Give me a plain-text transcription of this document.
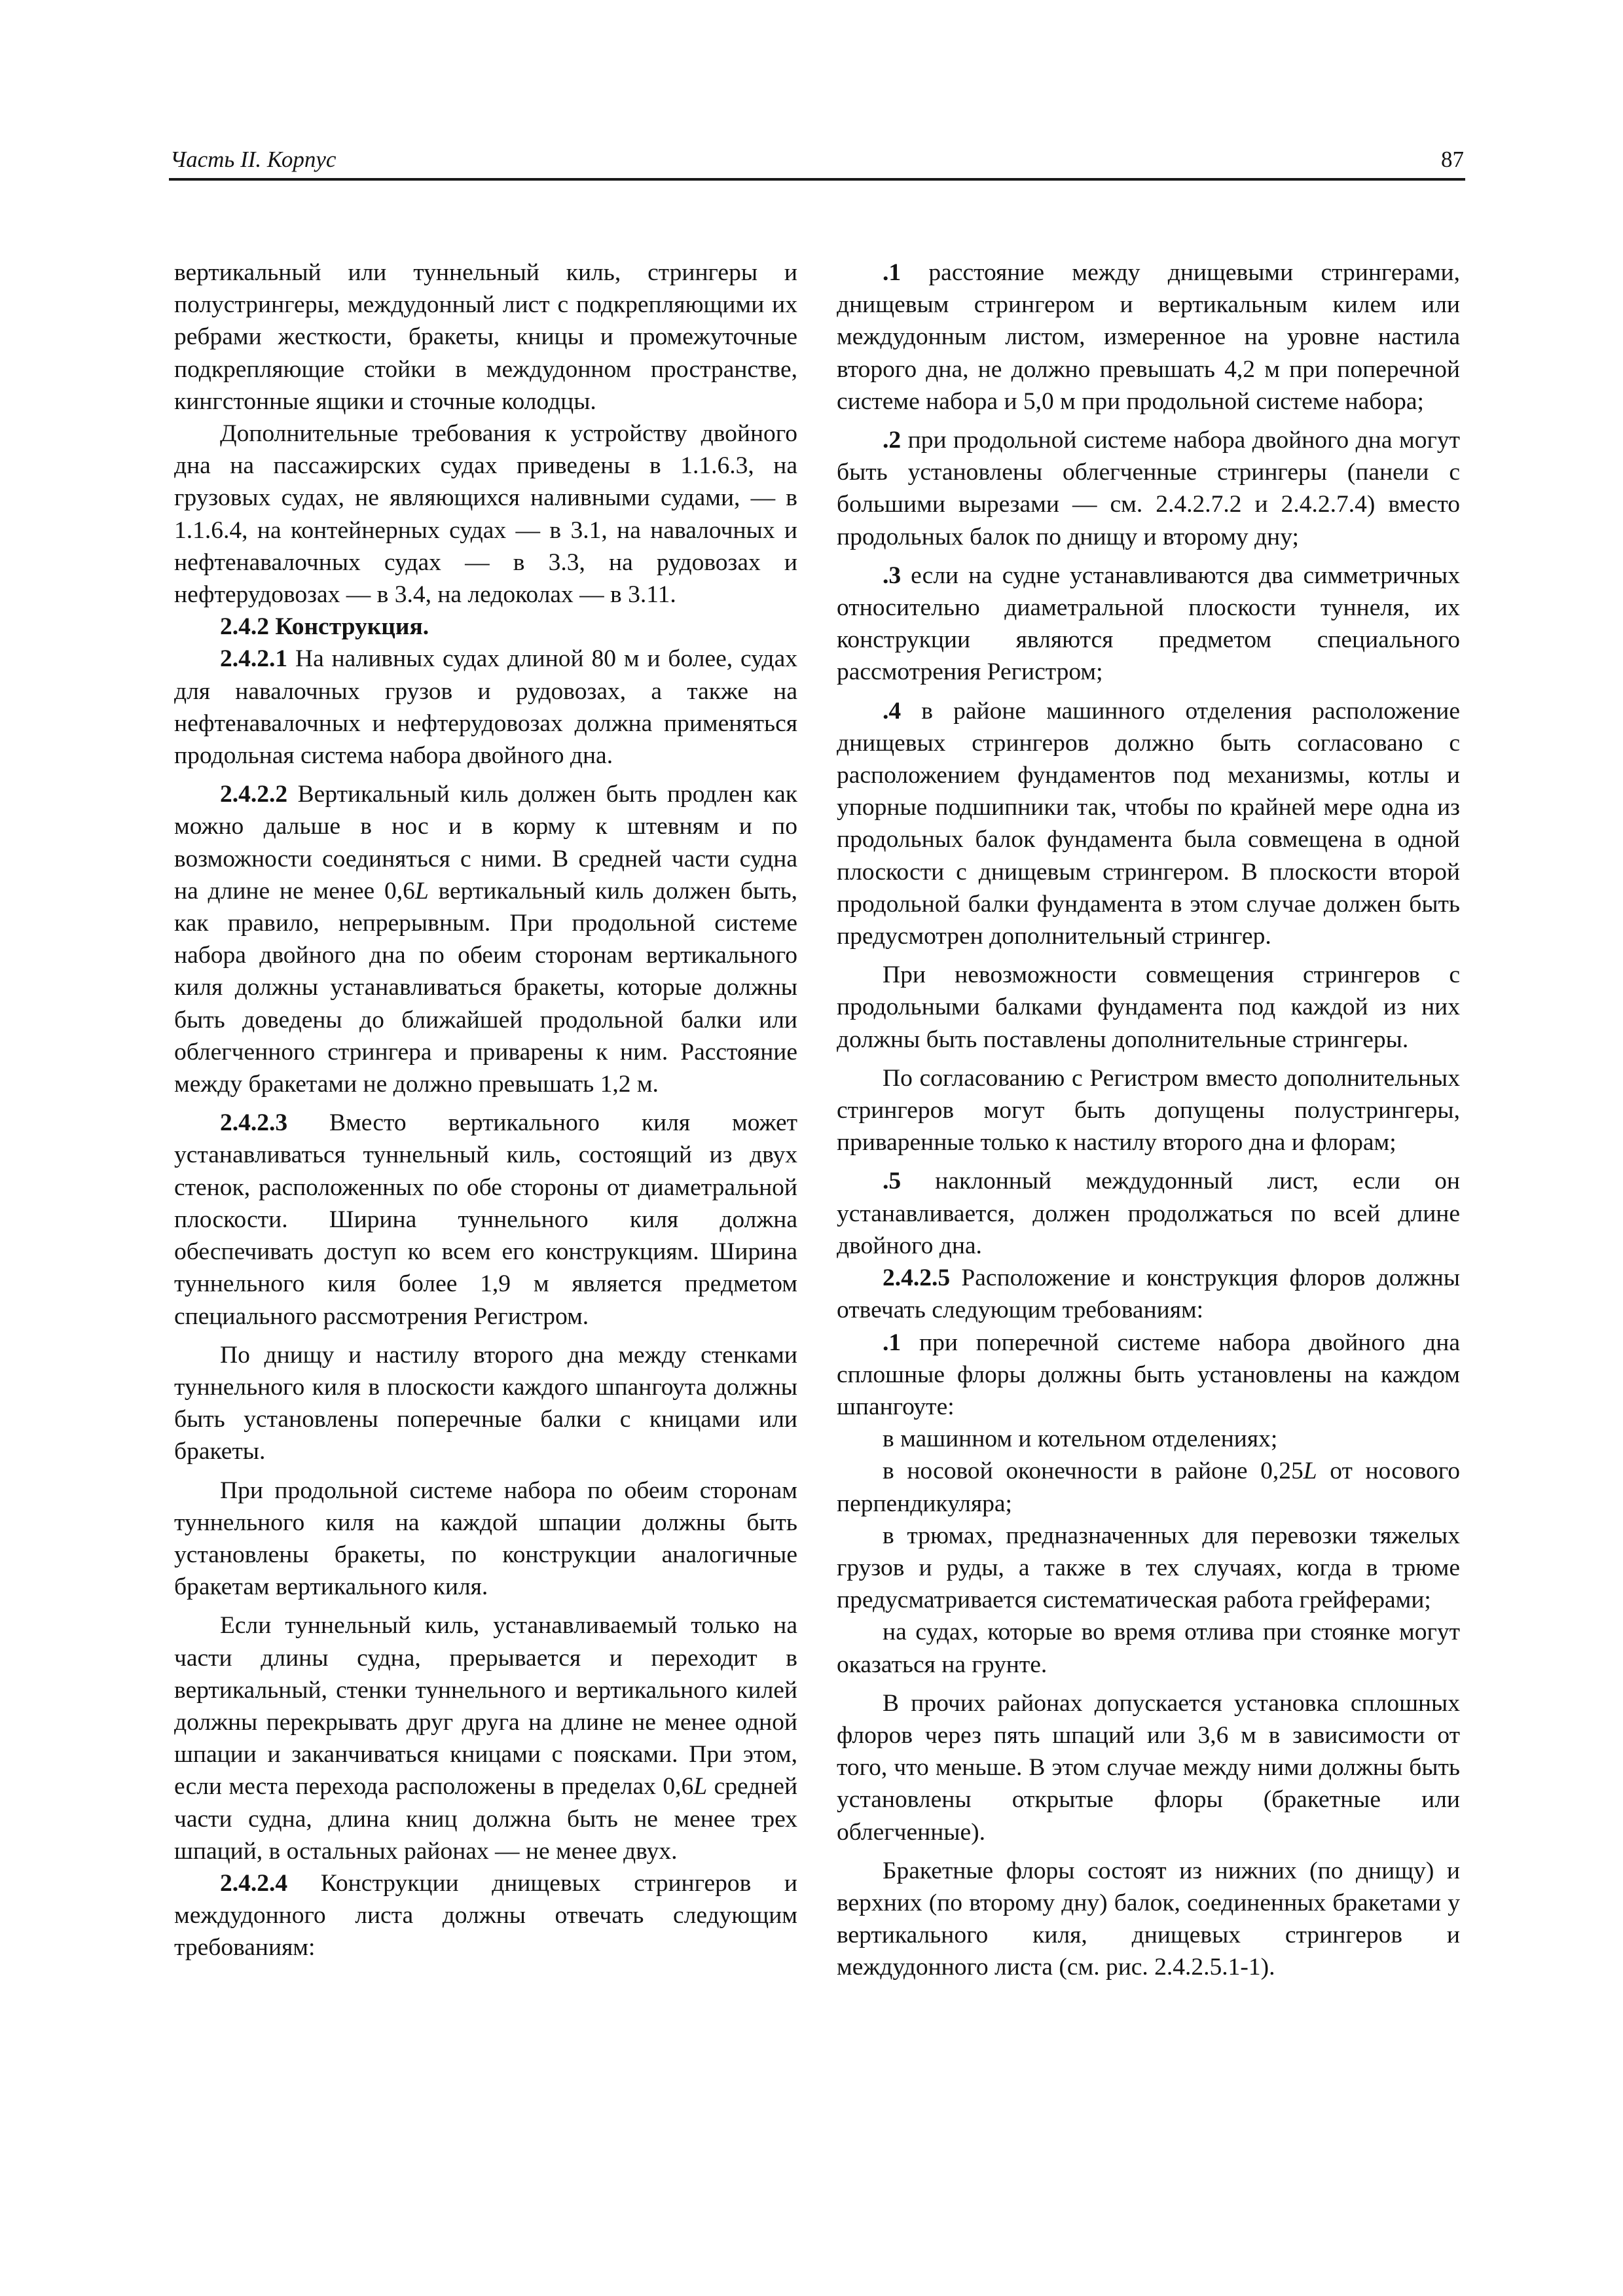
Часть II. Корпус	87

вертикальный или туннельный киль, стрингеры и полустрингеры, междудонный лист с подкрепляющими их ребрами жесткости, бракеты, кницы и промежуточные подкрепляющие стойки в междудонном пространстве, кингстонные ящики и сточные колодцы.

Дополнительные требования к устройству двойного дна на пассажирских судах приведены в 1.1.6.3, на грузовых судах, не являющихся наливными судами, — в 1.1.6.4, на контейнерных судах — в 3.1, на навалочных и нефтенавалочных судах — в 3.3, на рудовозах и нефтерудовозах — в 3.4, на ледоколах — в 3.11.

2.4.2 Конструкция.

2.4.2.1 На наливных судах длиной 80 м и более, судах для навалочных грузов и рудовозах, а также на нефтенавалочных и нефтерудовозах должна применяться продольная система набора двойного дна.

2.4.2.2 Вертикальный киль должен быть продлен как можно дальше в нос и в корму к штевням и по возможности соединяться с ними. В средней части судна на длине не менее 0,6L вертикальный киль должен быть, как правило, непрерывным. При продольной системе набора двойного дна по обеим сторонам вертикального киля должны устанавливаться бракеты, которые должны быть доведены до ближайшей продольной балки или облегченного стрингера и приварены к ним. Расстояние между бракетами не должно превышать 1,2 м.

2.4.2.3 Вместо вертикального киля может устанавливаться туннельный киль, состоящий из двух стенок, расположенных по обе стороны от диаметральной плоскости. Ширина туннельного киля должна обеспечивать доступ ко всем его конструкциям. Ширина туннельного киля более 1,9 м является предметом специального рассмотрения Регистром.

По днищу и настилу второго дна между стенками туннельного киля в плоскости каждого шпангоута должны быть установлены поперечные балки с кницами или бракеты.

При продольной системе набора по обеим сторонам туннельного киля на каждой шпации должны быть установлены бракеты, по конструкции аналогичные бракетам вертикального киля.

Если туннельный киль, устанавливаемый только на части длины судна, прерывается и переходит в вертикальный, стенки туннельного и вертикального килей должны перекрывать друг друга на длине не менее одной шпации и заканчиваться кницами с поясками. При этом, если места перехода расположены в пределах 0,6L средней части судна, длина книц должна быть не менее трех шпаций, в остальных районах — не менее двух.

2.4.2.4 Конструкции днищевых стрингеров и междудонного листа должны отвечать следующим требованиям:

.1 расстояние между днищевыми стрингерами, днищевым стрингером и вертикальным килем или междудонным листом, измеренное на уровне настила второго дна, не должно превышать 4,2 м при поперечной системе набора и 5,0 м при продольной системе набора;

.2 при продольной системе набора двойного дна могут быть установлены облегченные стрингеры (панели с большими вырезами — см. 2.4.2.7.2 и 2.4.2.7.4) вместо продольных балок по днищу и второму дну;

.3 если на судне устанавливаются два симметричных относительно диаметральной плоскости туннеля, их конструкции являются предметом специального рассмотрения Регистром;

.4 в районе машинного отделения расположение днищевых стрингеров должно быть согласовано с расположением фундаментов под механизмы, котлы и упорные подшипники так, чтобы по крайней мере одна из продольных балок фундамента была совмещена в одной плоскости с днищевым стрингером. В плоскости второй продольной балки фундамента в этом случае должен быть предусмотрен дополнительный стрингер.

При невозможности совмещения стрингеров с продольными балками фундамента под каждой из них должны быть поставлены дополнительные стрингеры.

По согласованию с Регистром вместо дополнительных стрингеров могут быть допущены полустрингеры, приваренные только к настилу второго дна и флорам;

.5 наклонный междудонный лист, если он устанавливается, должен продолжаться по всей длине двойного дна.

2.4.2.5 Расположение и конструкция флоров должны отвечать следующим требованиям:

.1 при поперечной системе набора двойного дна сплошные флоры должны быть установлены на каждом шпангоуте:

в машинном и котельном отделениях;

в носовой оконечности в районе 0,25L от носового перпендикуляра;

в трюмах, предназначенных для перевозки тяжелых грузов и руды, а также в тех случаях, когда в трюме предусматривается систематическая работа грейферами;

на судах, которые во время отлива при стоянке могут оказаться на грунте.

В прочих районах допускается установка сплошных флоров через пять шпаций или 3,6 м в зависимости от того, что меньше. В этом случае между ними должны быть установлены открытые флоры (бракетные или облегченные).

Бракетные флоры состоят из нижних (по днищу) и верхних (по второму дну) балок, соединенных бракетами у вертикального киля, днищевых стрингеров и междудонного листа (см. рис. 2.4.2.5.1-1).
